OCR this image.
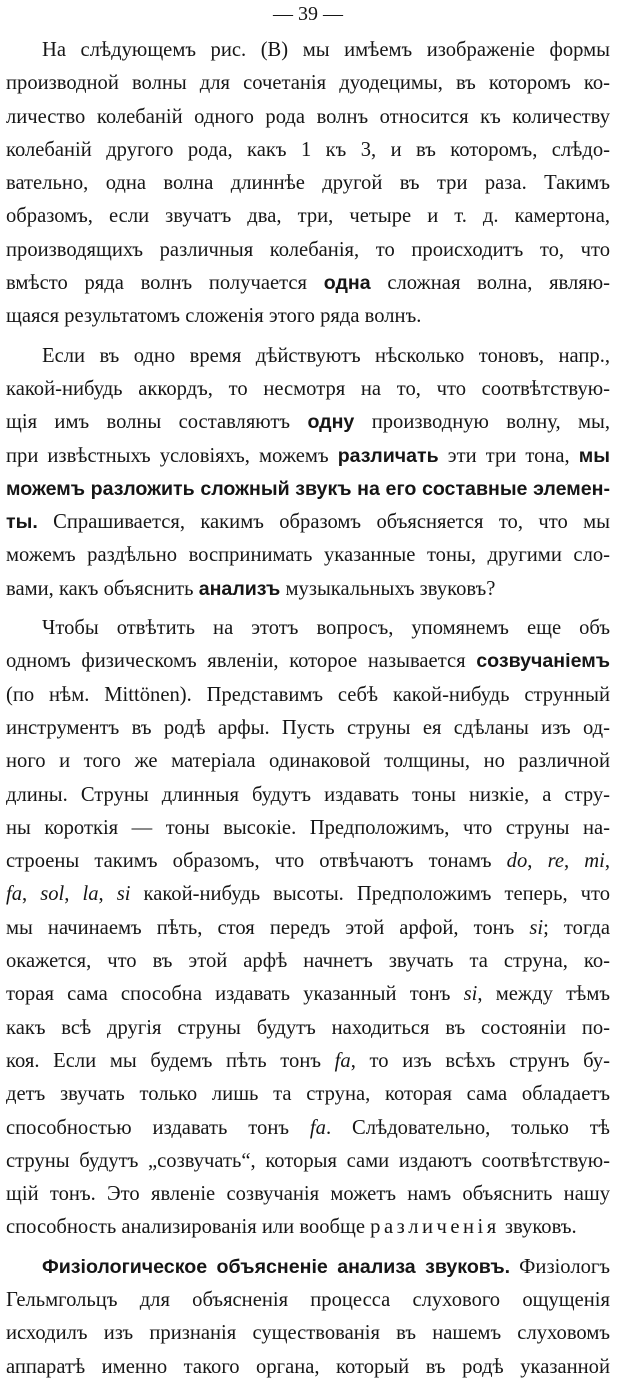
— 39 —
На слѣдующемъ рис. (В) мы имѣемъ изображеніе формы
производной волны для сочетанія дуодецимы, въ которомъ ко-
личество колебаній одного рода волнъ относится къ количеству
колебаній другого рода, какъ 1 къ 3, и въ которомъ, слѣдо-
вательно, одна волна длиннѣе другой въ три раза. Такимъ
образомъ, если звучатъ два, три, четыре и т. д. камертона,
производящихъ различныя колебанія, то происходитъ то, что
вмѣсто ряда волнъ получается одна сложная волна, являю-
щаяся результатомъ сложенія этого ряда волнъ.
Если въ одно время дѣйствуютъ нѣсколько тоновъ, напр.,
какой-нибудь аккордъ, то несмотря на то, что соотвѣтствую-
щія имъ волны составляютъ одну производную волну, мы,
при извѣстныхъ условіяхъ, можемъ различать эти три тона, мы
можемъ разложить сложный звукъ на его составные элемен-
ты. Спрашивается, какимъ образомъ объясняется то, что мы
можемъ раздѣльно воспринимать указанные тоны, другими сло-
вами, какъ объяснить анализъ музыкальныхъ звуковъ?
Чтобы отвѣтить на этотъ вопросъ, упомянемъ еще объ
одномъ физическомъ явленіи, которое называется созвучаніемъ
(по нѣм. Mittönen). Представимъ себѣ какой-нибудь струнный
инструментъ въ родѣ арфы. Пусть струны ея сдѣланы изъ од-
ного и того же матеріала одинаковой толщины, но различной
длины. Струны длинныя будутъ издавать тоны низкіе, а стру-
ны короткія — тоны высокіе. Предположимъ, что струны на-
строены такимъ образомъ, что отвѣчаютъ тонамъ do, re, mi,
fa, sol, la, si какой-нибудь высоты. Предположимъ теперь, что
мы начинаемъ пѣть, стоя передъ этой арфой, тонъ si; тогда
окажется, что въ этой арфѣ начнетъ звучать та струна, ко-
торая сама способна издавать указанный тонъ si, между тѣмъ
какъ всѣ другія струны будутъ находиться въ состояніи по-
коя. Если мы будемъ пѣть тонъ fa, то изъ всѣхъ струнъ бу-
детъ звучать только лишь та струна, которая сама обладаетъ
способностью издавать тонъ fa. Слѣдовательно, только тѣ
струны будутъ „созвучать“, которыя сами издаютъ соотвѣтствую-
щій тонъ. Это явленіе созвучанія можетъ намъ объяснить нашу
способность анализированія или вообще различенія звуковъ.
Физіологическое объясненіе анализа звуковъ. Физіологъ
Гельмгольцъ для объясненія процесса слухового ощущенія
исходилъ изъ признанія существованія въ нашемъ слуховомъ
аппаратѣ именно такого органа, который въ родѣ указанной
